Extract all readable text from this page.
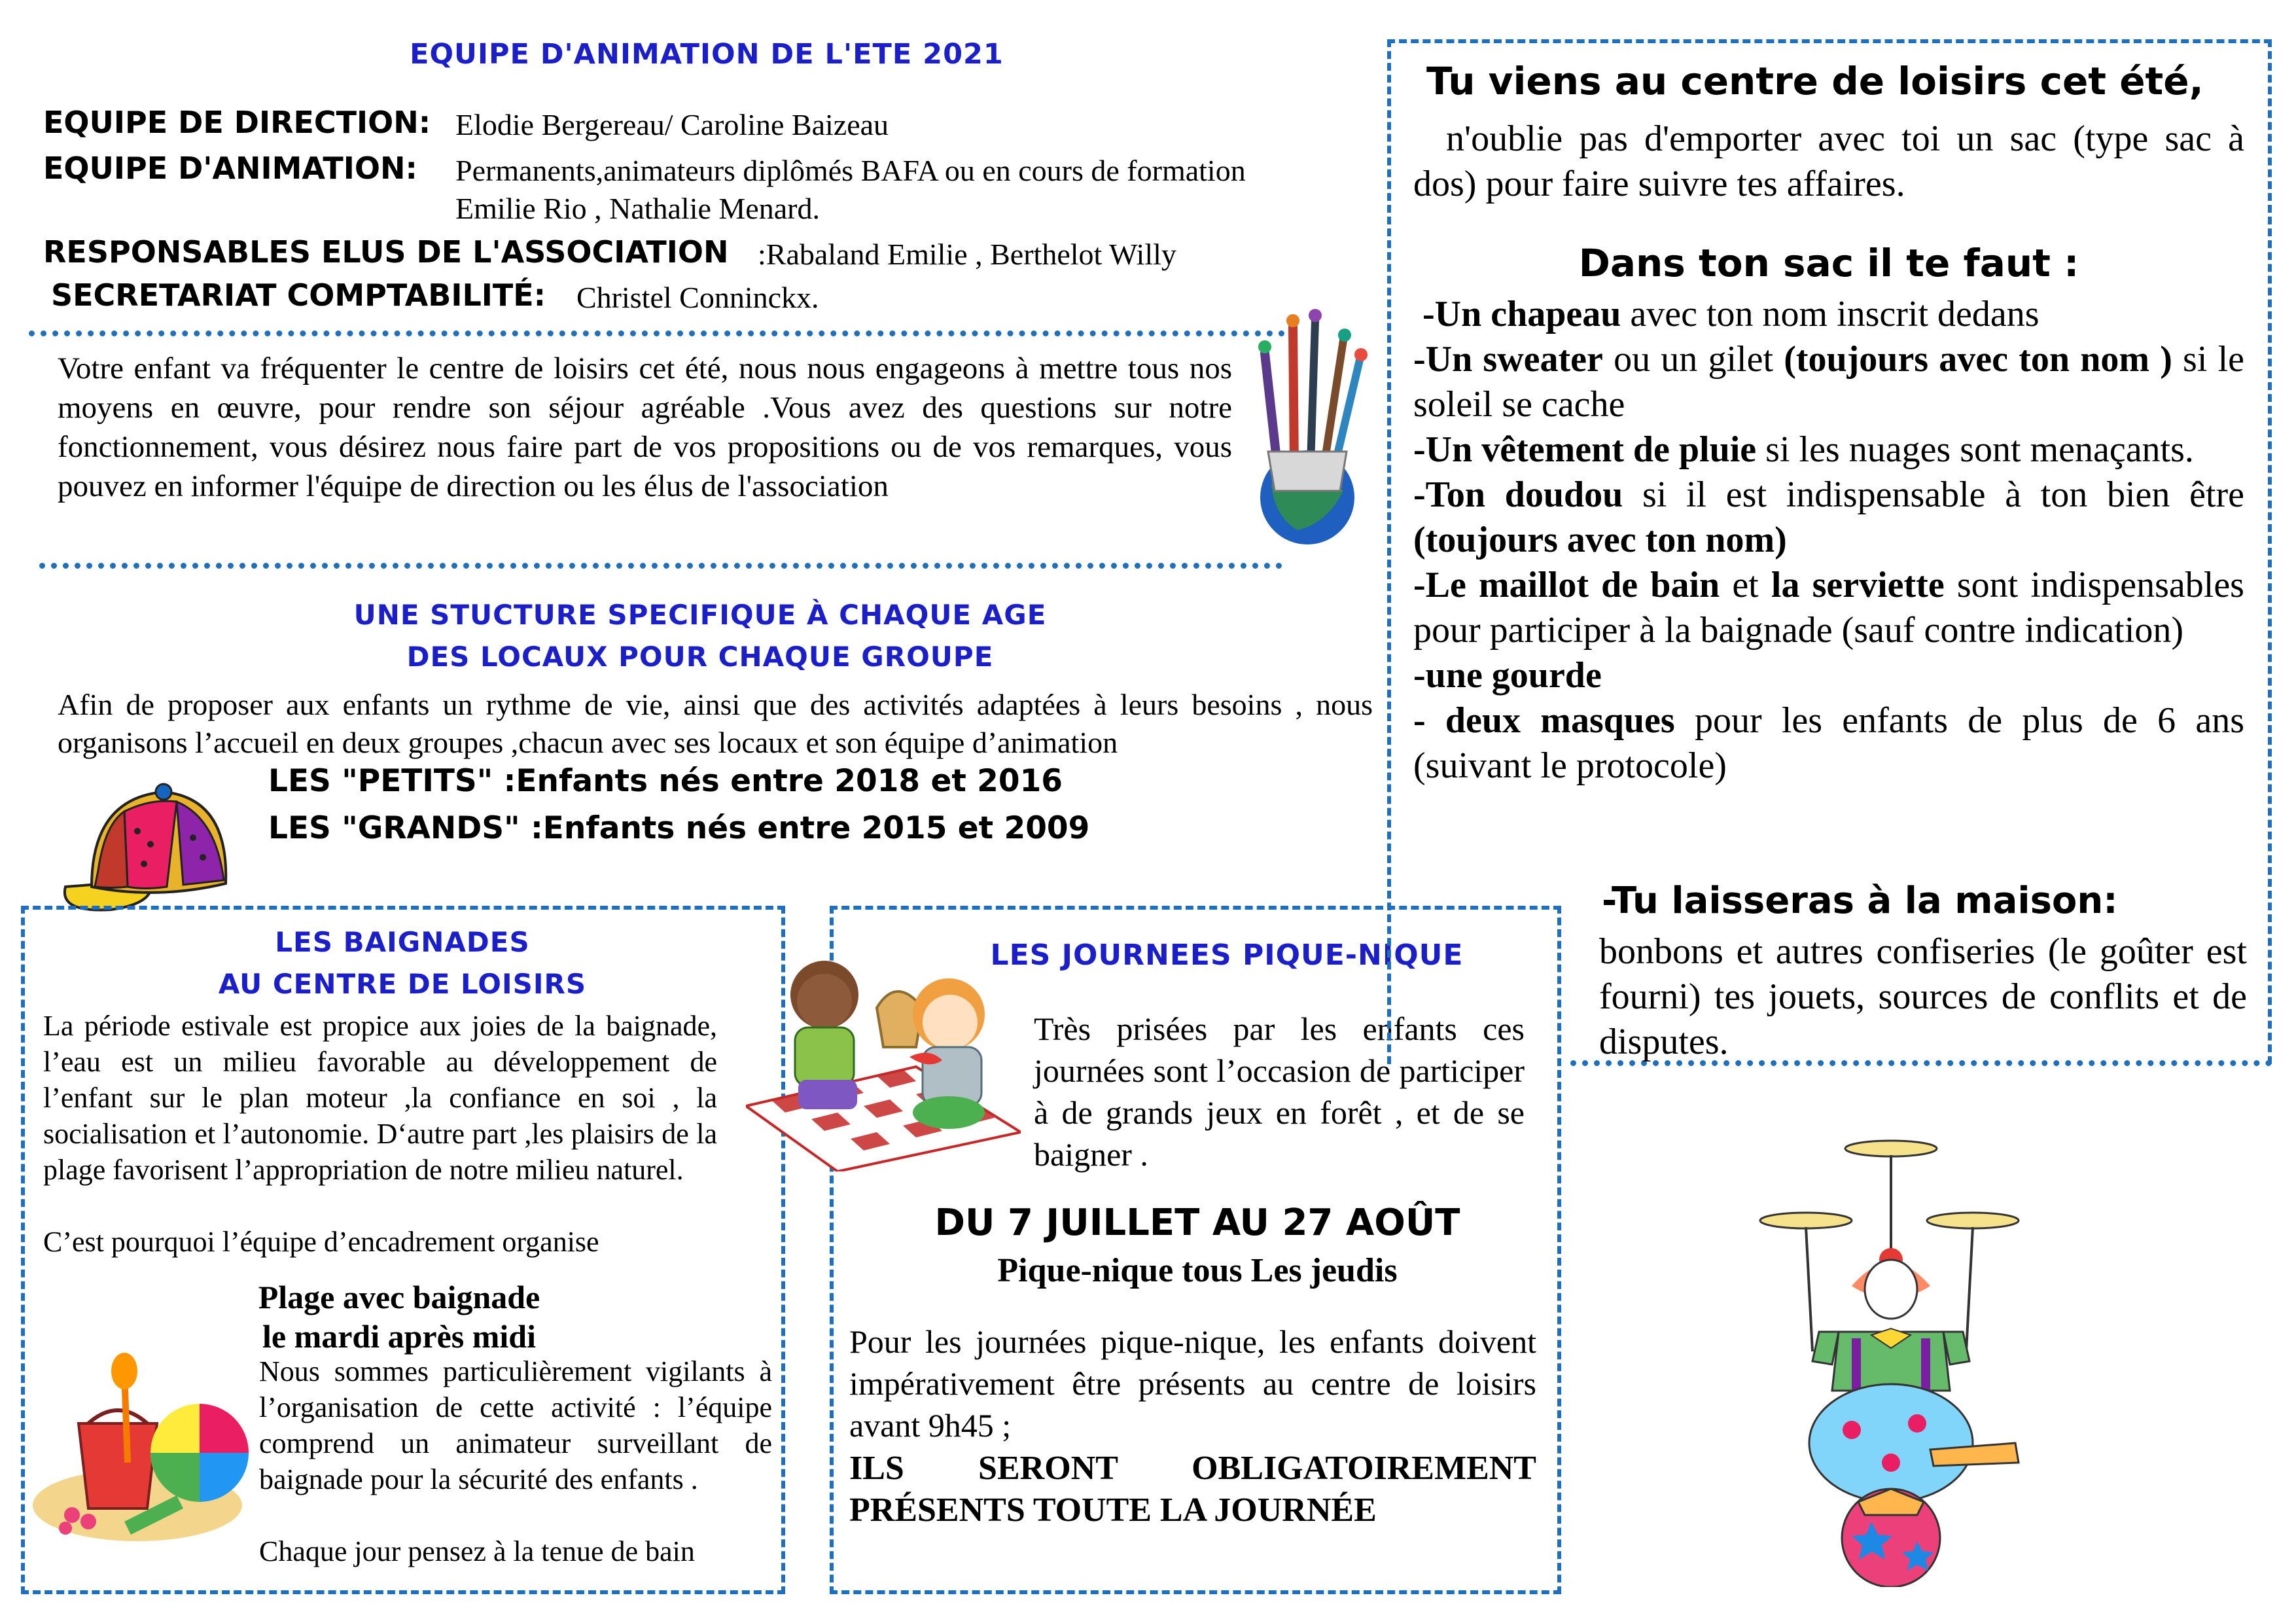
EQUIPE D'ANIMATION DE L'ETE 2021
EQUIPE DE DIRECTION: Elodie Bergereau/ Caroline Baizeau
EQUIPE D'ANIMATION: Permanents,animateurs diplômés BAFA ou en cours de formation
Emilie Rio , Nathalie Menard.
RESPONSABLES ELUS DE L'ASSOCIATION :Rabaland Emilie , Berthelot Willy
SECRETARIAT COMPTABILITÉ: Christel Conninckx.
Votre enfant va fréquenter le centre de loisirs cet été, nous nous engageons à mettre tous nos moyens en œuvre, pour rendre son séjour agréable .Vous avez des questions sur notre fonctionnement, vous désirez nous faire part de vos propositions ou de vos remarques, vous pouvez en informer l'équipe de direction ou les élus de l'association
UNE STUCTURE SPECIFIQUE À CHAQUE AGE
DES LOCAUX POUR CHAQUE GROUPE
Afin de proposer aux enfants un rythme de vie, ainsi que des activités adaptées à leurs besoins , nous organisons l’accueil en deux groupes ,chacun avec ses locaux et son équipe d’animation
LES "PETITS" :Enfants nés entre 2018 et 2016
LES "GRANDS" :Enfants nés entre 2015 et 2009
LES BAIGNADES
AU CENTRE DE LOISIRS
La période estivale est propice aux joies de la baignade, l’eau est un milieu favorable au développement de l’enfant sur le plan moteur ,la confiance en soi , la socialisation et l’autonomie. D‘autre part ,les plaisirs de la plage favorisent l’appropriation de notre milieu naturel.
C’est pourquoi l’équipe d’encadrement organise
Plage avec baignade
le mardi après midi
Nous sommes particulièrement vigilants à l’organisation de cette activité : l’équipe comprend un animateur surveillant de baignade pour la sécurité des enfants .
Chaque jour pensez à la tenue de bain
LES JOURNEES PIQUE-NIQUE
Très prisées par les enfants ces journées sont l’occasion de participer à de grands jeux en forêt , et de se baigner .
DU 7 JUILLET AU 27 AOÛT
Pique-nique tous Les jeudis
Pour les journées pique-nique, les enfants doivent impérativement être présents au centre de loisirs avant 9h45 ;
ILS SERONT OBLIGATOIREMENT PRÉSENTS TOUTE LA JOURNÉE
Tu viens au centre de loisirs cet été,
n'oublie pas d'emporter avec toi un sac (type sac à dos) pour faire suivre tes affaires.
Dans ton sac il te faut :

-Un chapeau avec ton nom inscrit dedans

-Un sweater ou un gilet (toujours avec ton nom ) si le soleil se cache

-Un vêtement de pluie si les nuages sont menaçants.

-Ton doudou si il est indispensable à ton bien être (toujours avec ton nom)

-Le maillot de bain et la serviette sont indispensables pour participer à la baignade (sauf contre indication)

-une gourde

- deux masques pour les enfants de plus de 6 ans (suivant le protocole)

-Tu laisseras à la maison:
bonbons et autres confiseries (le goûter est fourni) tes jouets, sources de conflits et de disputes.
